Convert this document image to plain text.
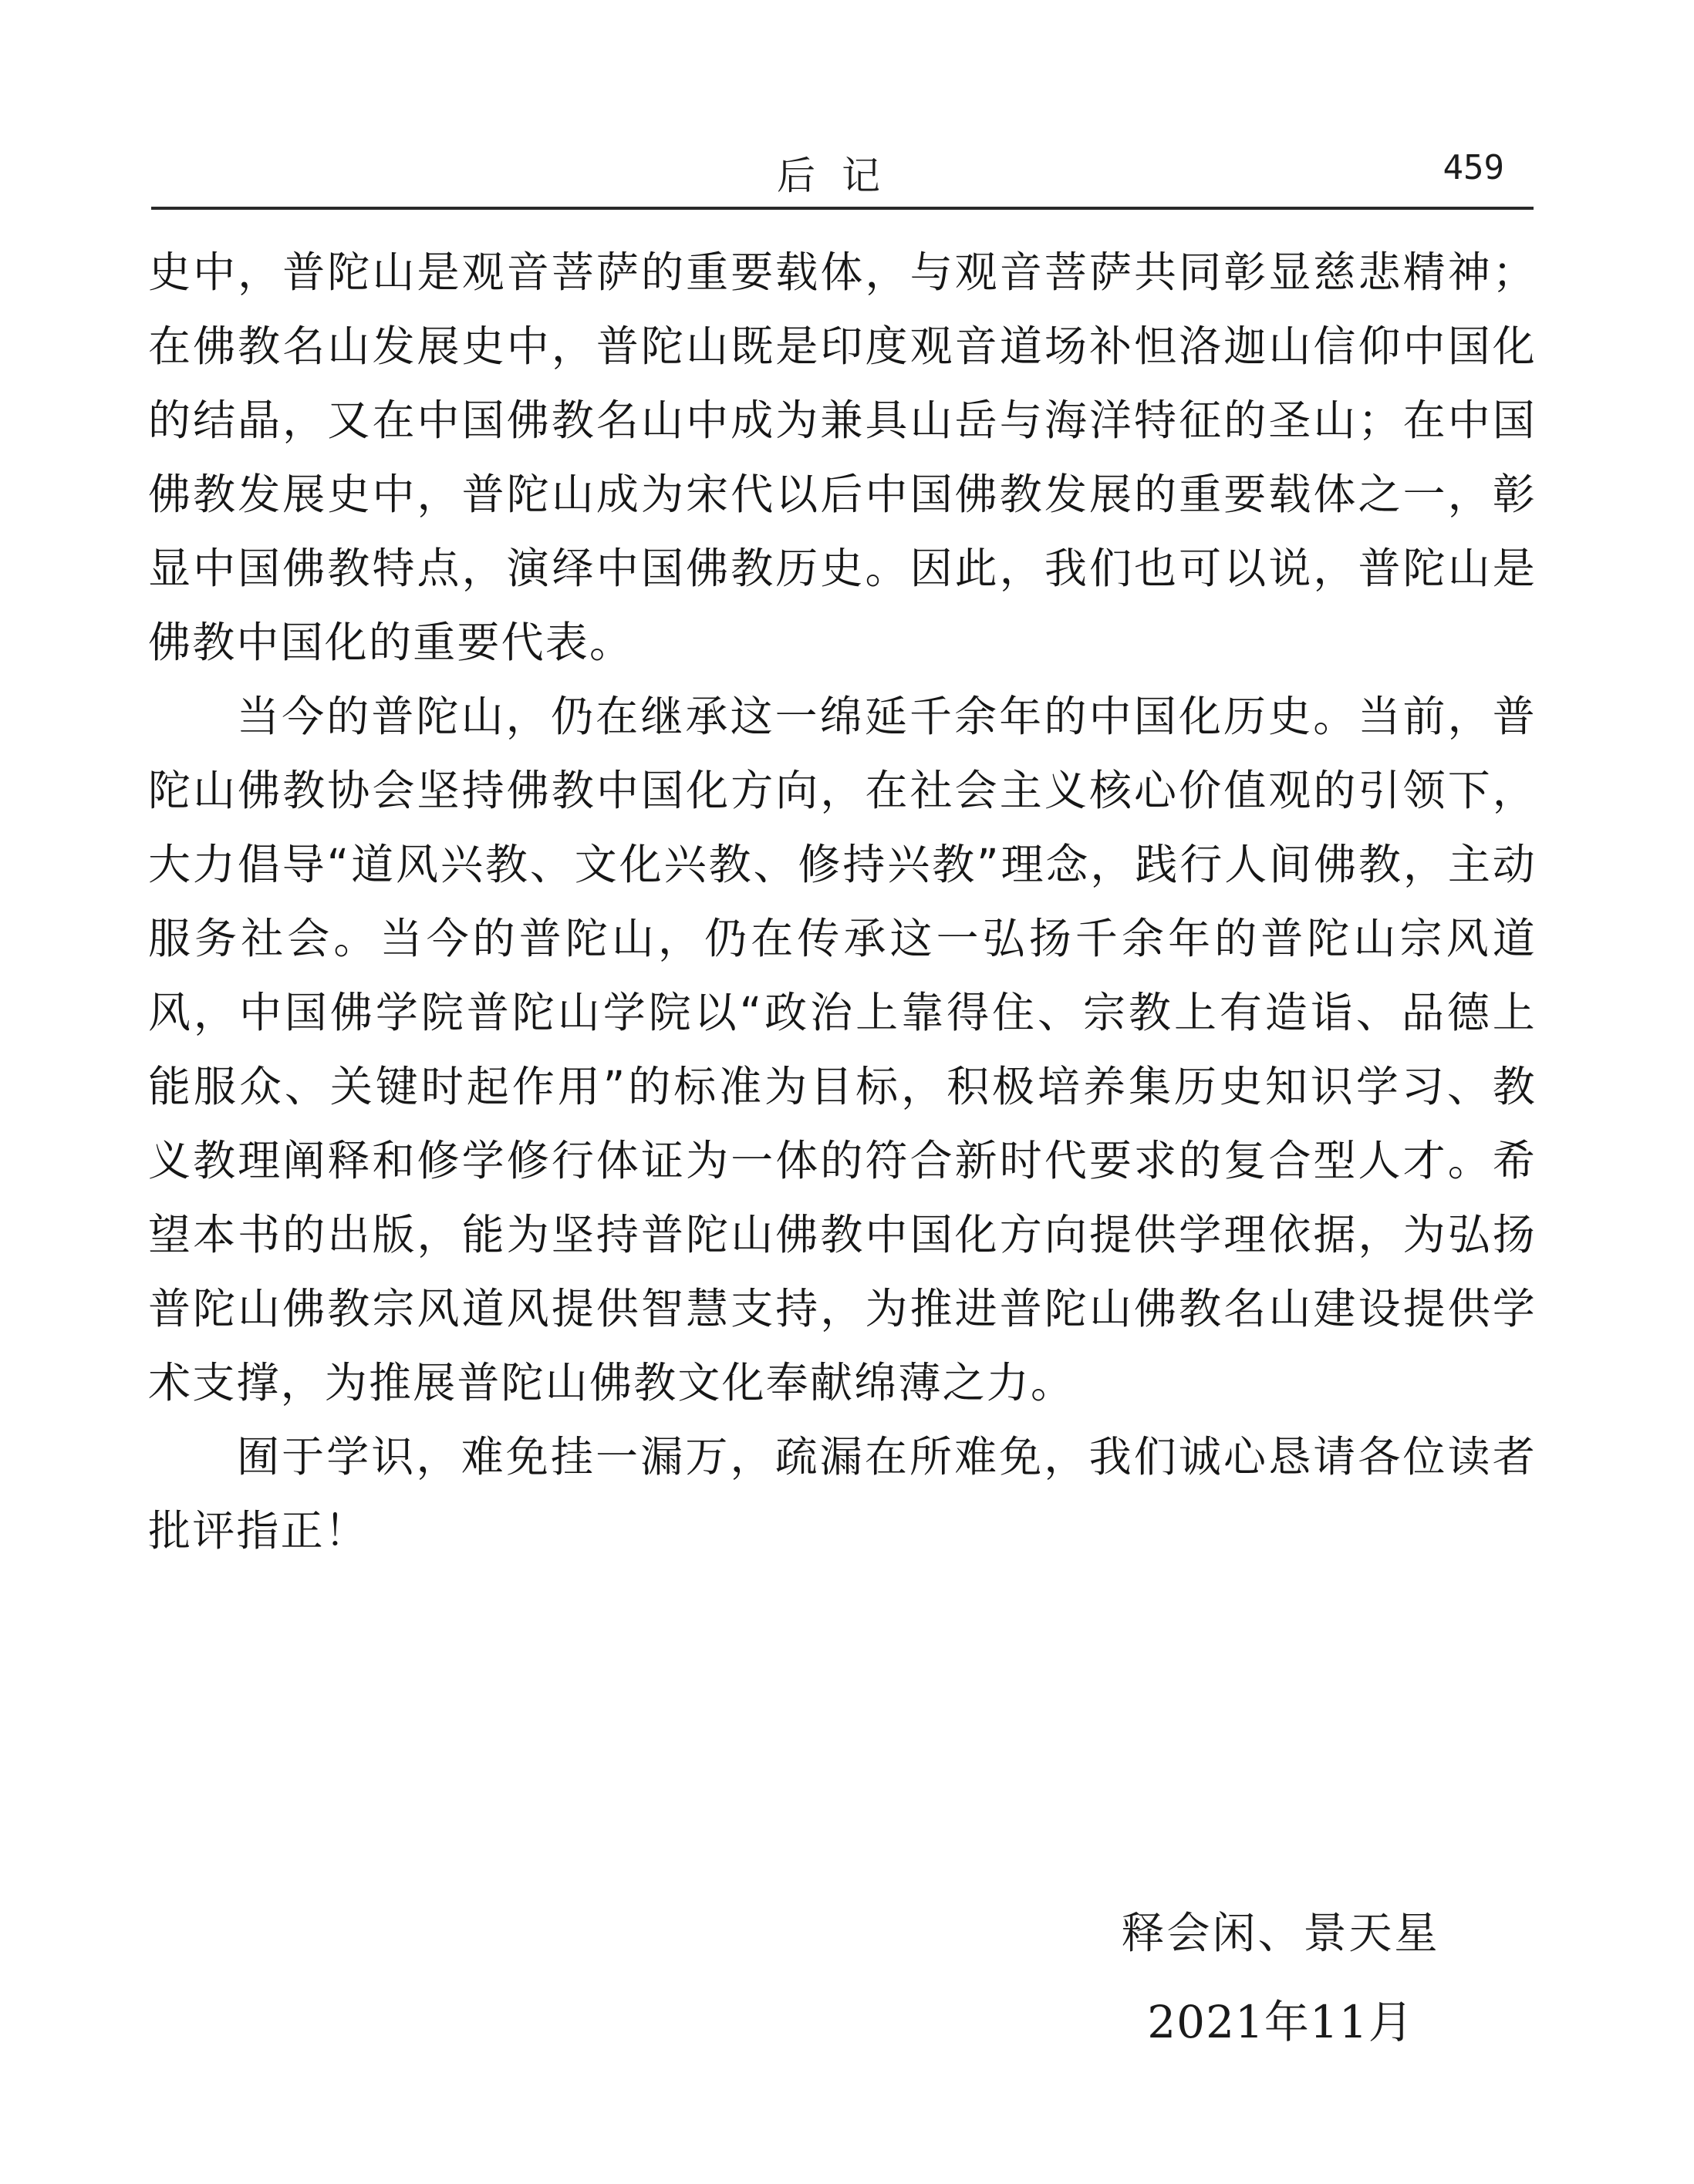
后记	459

史中，普陀山是观音菩萨的重要载体，与观音菩萨共同彰显慈悲精神；在佛教名山发展史中，普陀山既是印度观音道场补怛洛迦山信仰中国化的结晶，又在中国佛教名山中成为兼具山岳与海洋特征的圣山；在中国佛教发展史中，普陀山成为宋代以后中国佛教发展的重要载体之一，彰显中国佛教特点，演绎中国佛教历史。因此，我们也可以说，普陀山是佛教中国化的重要代表。

当今的普陀山，仍在继承这一绵延千余年的中国化历史。当前，普陀山佛教协会坚持佛教中国化方向，在社会主义核心价值观的引领下，大力倡导“道风兴教、文化兴教、修持兴教”理念，践行人间佛教，主动服务社会。当今的普陀山，仍在传承这一弘扬千余年的普陀山宗风道风，中国佛学院普陀山学院以“政治上靠得住、宗教上有造诣、品德上能服众、关键时起作用”的标准为目标，积极培养集历史知识学习、教义教理阐释和修学修行体证为一体的符合新时代要求的复合型人才。希望本书的出版，能为坚持普陀山佛教中国化方向提供学理依据，为弘扬普陀山佛教宗风道风提供智慧支持，为推进普陀山佛教名山建设提供学术支撑，为推展普陀山佛教文化奉献绵薄之力。

囿于学识，难免挂一漏万，疏漏在所难免，我们诚心恳请各位读者批评指正！

释会闲、景天星
2021年11月
